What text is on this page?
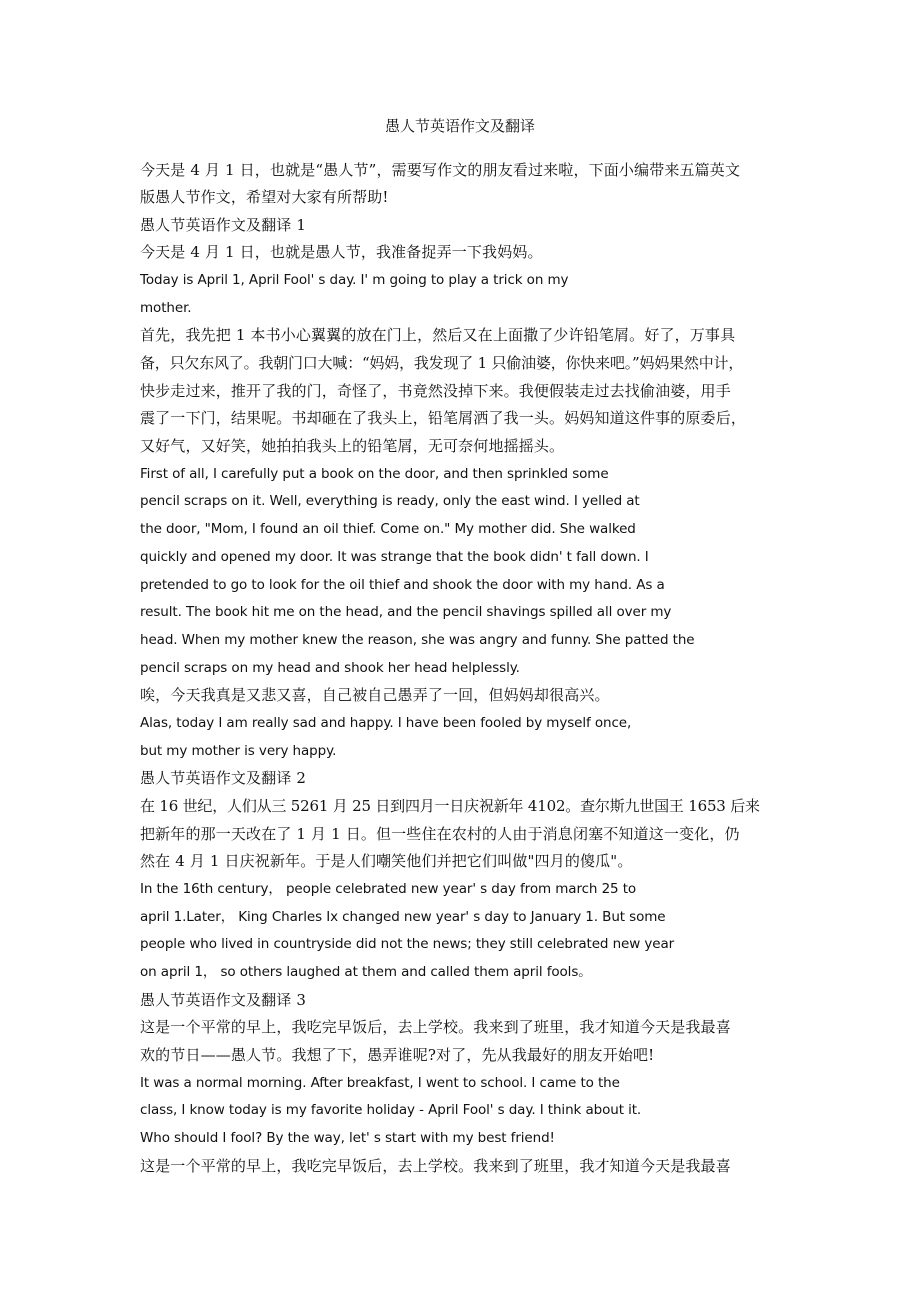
愚人节英语作文及翻译
今天是 4 月 1 日，也就是“愚人节”，需要写作文的朋友看过来啦，下面小编带来五篇英文
版愚人节作文，希望对大家有所帮助!
愚人节英语作文及翻译 1
今天是 4 月 1 日，也就是愚人节，我准备捉弄一下我妈妈。
Today is April 1, April Fool' s day. I' m going to play a trick on my
mother.
首先，我先把 1 本书小心翼翼的放在门上，然后又在上面撒了少许铅笔屑。好了，万事具
备，只欠东风了。我朝门口大喊：“妈妈，我发现了 1 只偷油婆，你快来吧。”妈妈果然中计，
快步走过来，推开了我的门，奇怪了，书竟然没掉下来。我便假装走过去找偷油婆，用手
震了一下门，结果呢。书却砸在了我头上，铅笔屑洒了我一头。妈妈知道这件事的原委后，
又好气，又好笑，她拍拍我头上的铅笔屑，无可奈何地摇摇头。
First of all, I carefully put a book on the door, and then sprinkled some
pencil scraps on it. Well, everything is ready, only the east wind. I yelled at
the door, "Mom, I found an oil thief. Come on." My mother did. She walked
quickly and opened my door. It was strange that the book didn' t fall down. I
pretended to go to look for the oil thief and shook the door with my hand. As a
result. The book hit me on the head, and the pencil shavings spilled all over my
head. When my mother knew the reason, she was angry and funny. She patted the
pencil scraps on my head and shook her head helplessly.
唉，今天我真是又悲又喜，自己被自己愚弄了一回，但妈妈却很高兴。
Alas, today I am really sad and happy. I have been fooled by myself once,
but my mother is very happy.
愚人节英语作文及翻译 2
在 16 世纪，人们从三 5261 月 25 日到四月一日庆祝新年 4102。查尔斯九世国王 1653 后来
把新年的那一天改在了 1 月 1 日。但一些住在农村的人由于消息闭塞不知道这一变化，仍
然在 4 月 1 日庆祝新年。于是人们嘲笑他们并把它们叫做"四月的傻瓜"。
In the 16th century， people celebrated new year' s day from march 25 to
april 1.Later， King Charles Ix changed new year' s day to January 1. But some
people who lived in countryside did not the news; they still celebrated new year
on april 1， so others laughed at them and called them april fools。
愚人节英语作文及翻译 3
这是一个平常的早上，我吃完早饭后，去上学校。我来到了班里，我才知道今天是我最喜
欢的节日——愚人节。我想了下，愚弄谁呢?对了，先从我最好的朋友开始吧!
It was a normal morning. After breakfast, I went to school. I came to the
class, I know today is my favorite holiday - April Fool' s day. I think about it.
Who should I fool? By the way, let' s start with my best friend!
这是一个平常的早上，我吃完早饭后，去上学校。我来到了班里，我才知道今天是我最喜
